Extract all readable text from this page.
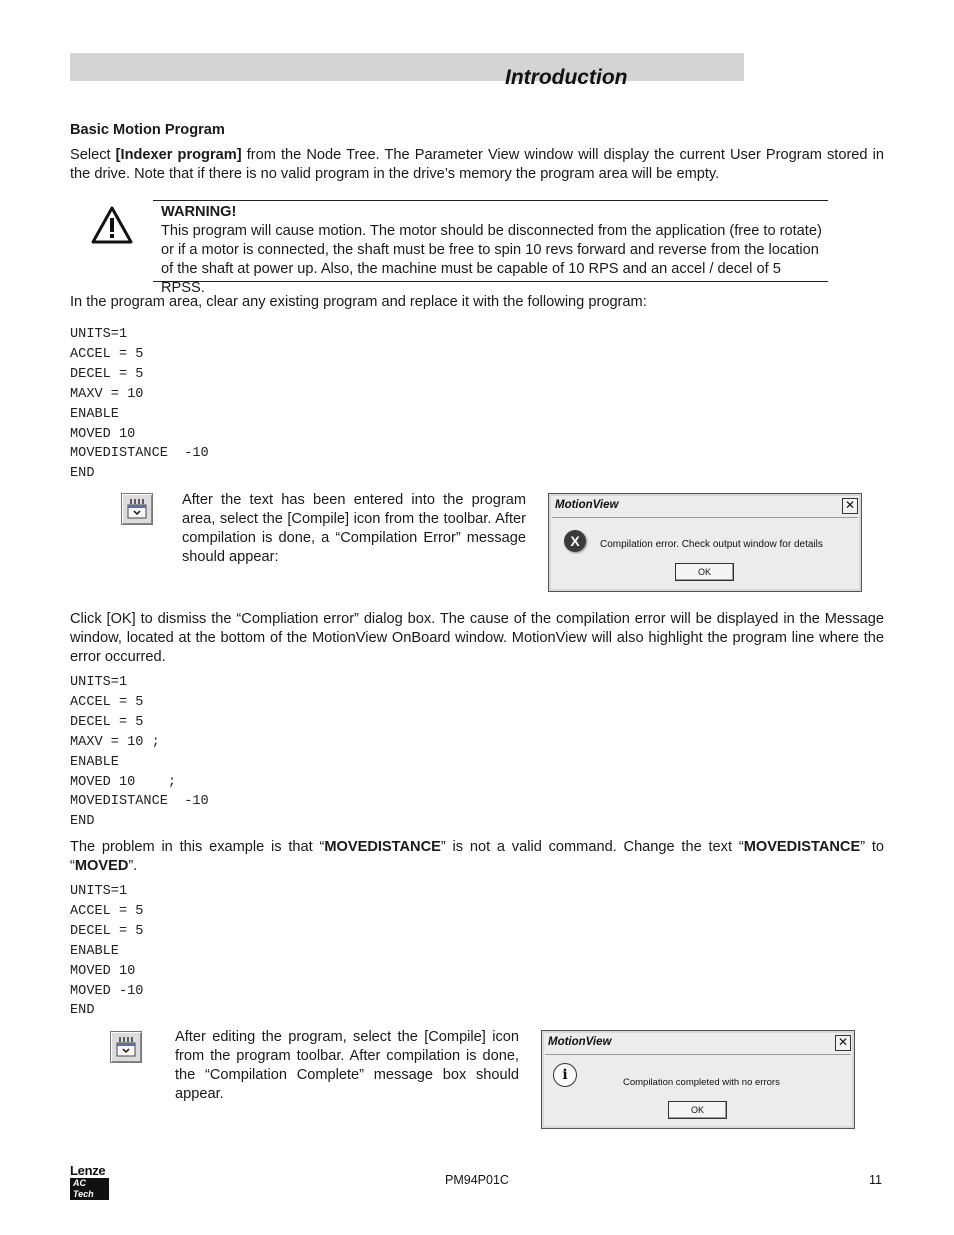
Introduction
Basic Motion Program
Select [Indexer program] from the Node Tree. The Parameter View window will display the current User Program stored in the drive. Note that if there is no valid program in the drive’s memory the program area will be empty.
WARNING!
This program will cause motion. The motor should be disconnected from the application (free to rotate) or if a motor is connected, the shaft must be free to spin 10 revs forward and reverse from the location of the shaft at power up. Also, the machine must be capable of 10 RPS and an accel / decel of 5 RPSS.
In the program area, clear any existing program and replace it with the following program:
UNITS=1
ACCEL = 5
DECEL = 5
MAXV = 10
ENABLE
MOVED 10
MOVEDISTANCE  -10
END
After the text has been entered into the program area, select the [Compile] icon from the toolbar. After compilation is done, a “Compilation Error” message should appear:
MotionView	✕
X	Compilation error. Check output window for details
OK
Click [OK] to dismiss the “Compliation error” dialog box. The cause of the compilation error will be displayed in the Message window, located at the bottom of the MotionView OnBoard window. MotionView will also highlight the program line where the error occurred.
UNITS=1
ACCEL = 5
DECEL = 5
MAXV = 10 ;
ENABLE
MOVED 10    ;
MOVEDISTANCE  -10
END
The problem in this example is that “MOVEDISTANCE” is not a valid command. Change the text “MOVEDISTANCE” to “MOVED”.
UNITS=1
ACCEL = 5
DECEL = 5
ENABLE
MOVED 10
MOVED -10
END
After editing the program, select the [Compile] icon from the program toolbar. After compilation is done, the “Compilation Complete” message box should appear.
MotionView	✕
i	Compilation completed with no errors
OK
Lenze
AC Tech
PM94P01C	11
